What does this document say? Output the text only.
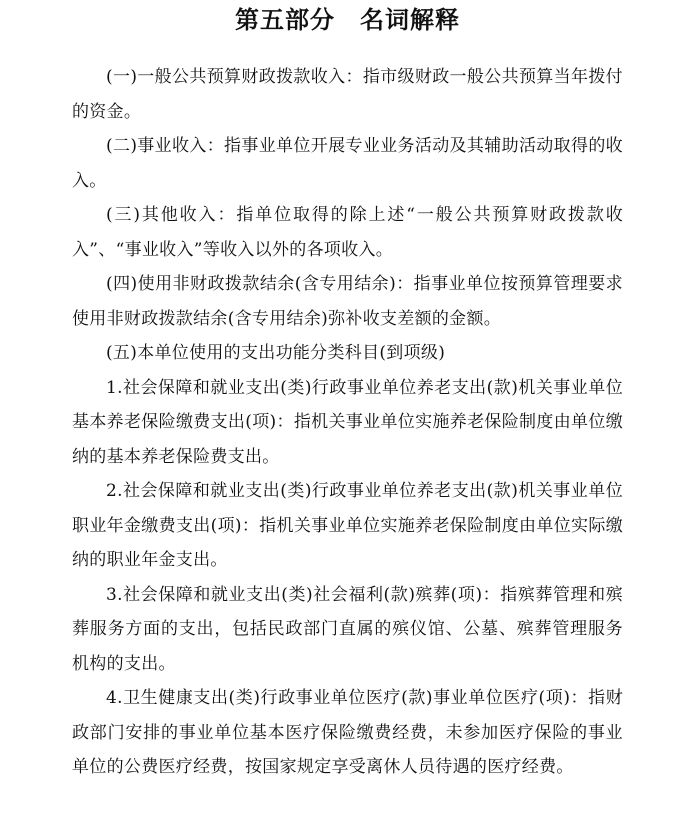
第五部分　名词解释

(一)一般公共预算财政拨款收入：指市级财政一般公共预算当年拨付的资金。

(二)事业收入：指事业单位开展专业业务活动及其辅助活动取得的收入。

(三)其他收入：指单位取得的除上述“一般公共预算财政拨款收入”、“事业收入”等收入以外的各项收入。

(四)使用非财政拨款结余(含专用结余)：指事业单位按预算管理要求使用非财政拨款结余(含专用结余)弥补收支差额的金额。

(五)本单位使用的支出功能分类科目(到项级)

1.社会保障和就业支出(类)行政事业单位养老支出(款)机关事业单位基本养老保险缴费支出(项)：指机关事业单位实施养老保险制度由单位缴纳的基本养老保险费支出。

2.社会保障和就业支出(类)行政事业单位养老支出(款)机关事业单位职业年金缴费支出(项)：指机关事业单位实施养老保险制度由单位实际缴纳的职业年金支出。

3.社会保障和就业支出(类)社会福利(款)殡葬(项)：指殡葬管理和殡葬服务方面的支出，包括民政部门直属的殡仪馆、公墓、殡葬管理服务机构的支出。

4.卫生健康支出(类)行政事业单位医疗(款)事业单位医疗(项)：指财政部门安排的事业单位基本医疗保险缴费经费，未参加医疗保险的事业单位的公费医疗经费，按国家规定享受离休人员待遇的医疗经费。
